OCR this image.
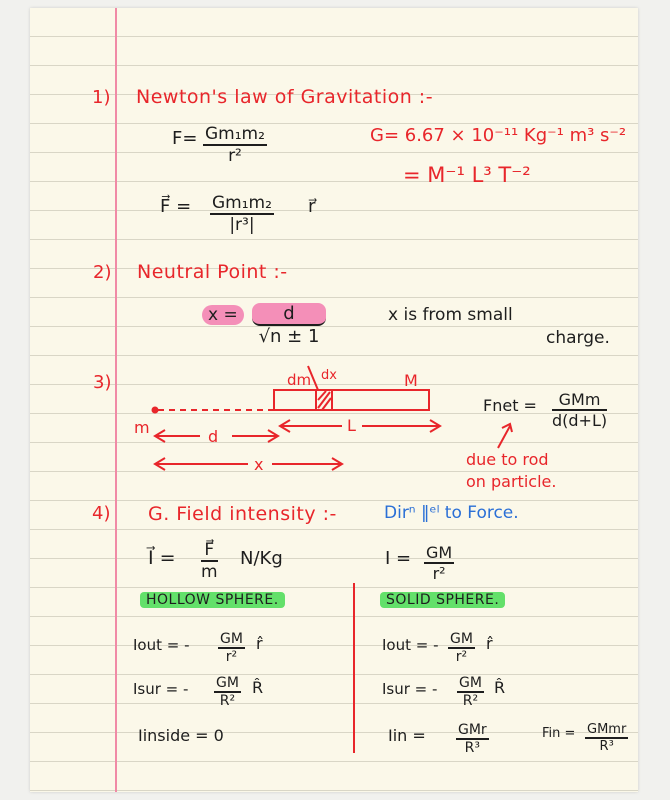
1) Newton's law of Gravitation :-
$F= \frac{\text{Gm₁m₂}}{\text{r²}}$
F⃗ = $\frac{\text{Gm₁m₂}}{\text{|r³|}}$ r⃗
G= 6.67 × 10⁻¹¹ Kg⁻¹ m³ s⁻²
= M⁻¹ L³ T⁻²
2) Neutral Point :-
$x = \frac{d}{√n \pm 1}$	x is from small
charge.
3)	dm dx	M
m	d
L
x
Fnet =	GMm
d(d+L)
due to rod
on particle.
4) G. Field intensity :-	Dirⁿ ‖ᵉˡ to Force.
I⃗ = $\frac{F⃗}{m} N/Kg$	$I = \frac{GM}{\text{r²}}$
HOLLOW SPHERE.
Iout = - $\frac{GM}{\text{r²}}$ r̂
Isur = - $\frac{GM}{\text{R²}}$ R̂
Iinside = 0
SOLID SPHERE.
Iout = - $\frac{GM}{\text{r²}}$ r̂
Isur = - $\frac{GM}{\text{R²}}$ R̂
Iin = GMr
R³
Fin = GMmr
R³
